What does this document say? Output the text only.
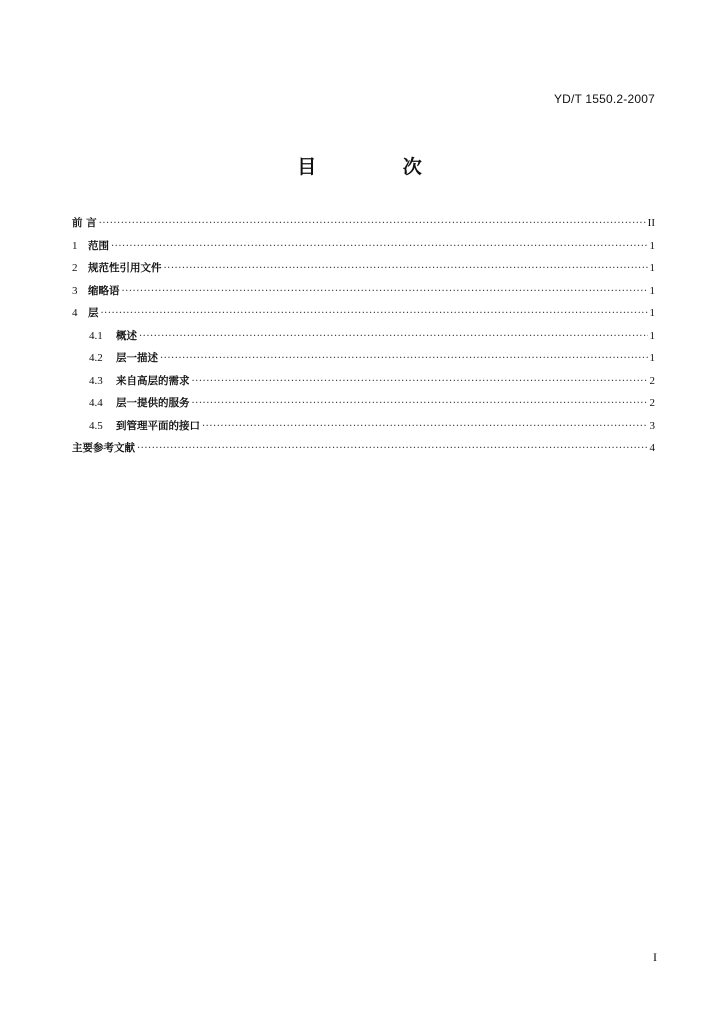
YD/T 1550.2-2007
目 次
前 言 ·····	II
1	范围 ·····	1
2	规范性引用文件 ·····	1
3	缩略语 ·····	1
4	层 ·····	1
4.1	概述 ·····	1
4.2	层一描述 ·····	1
4.3	来自高层的需求 ·····	2
4.4	层一提供的服务 ·····	2
4.5	到管理平面的接口 ·····	3
主要参考文献 ·····	4
I
